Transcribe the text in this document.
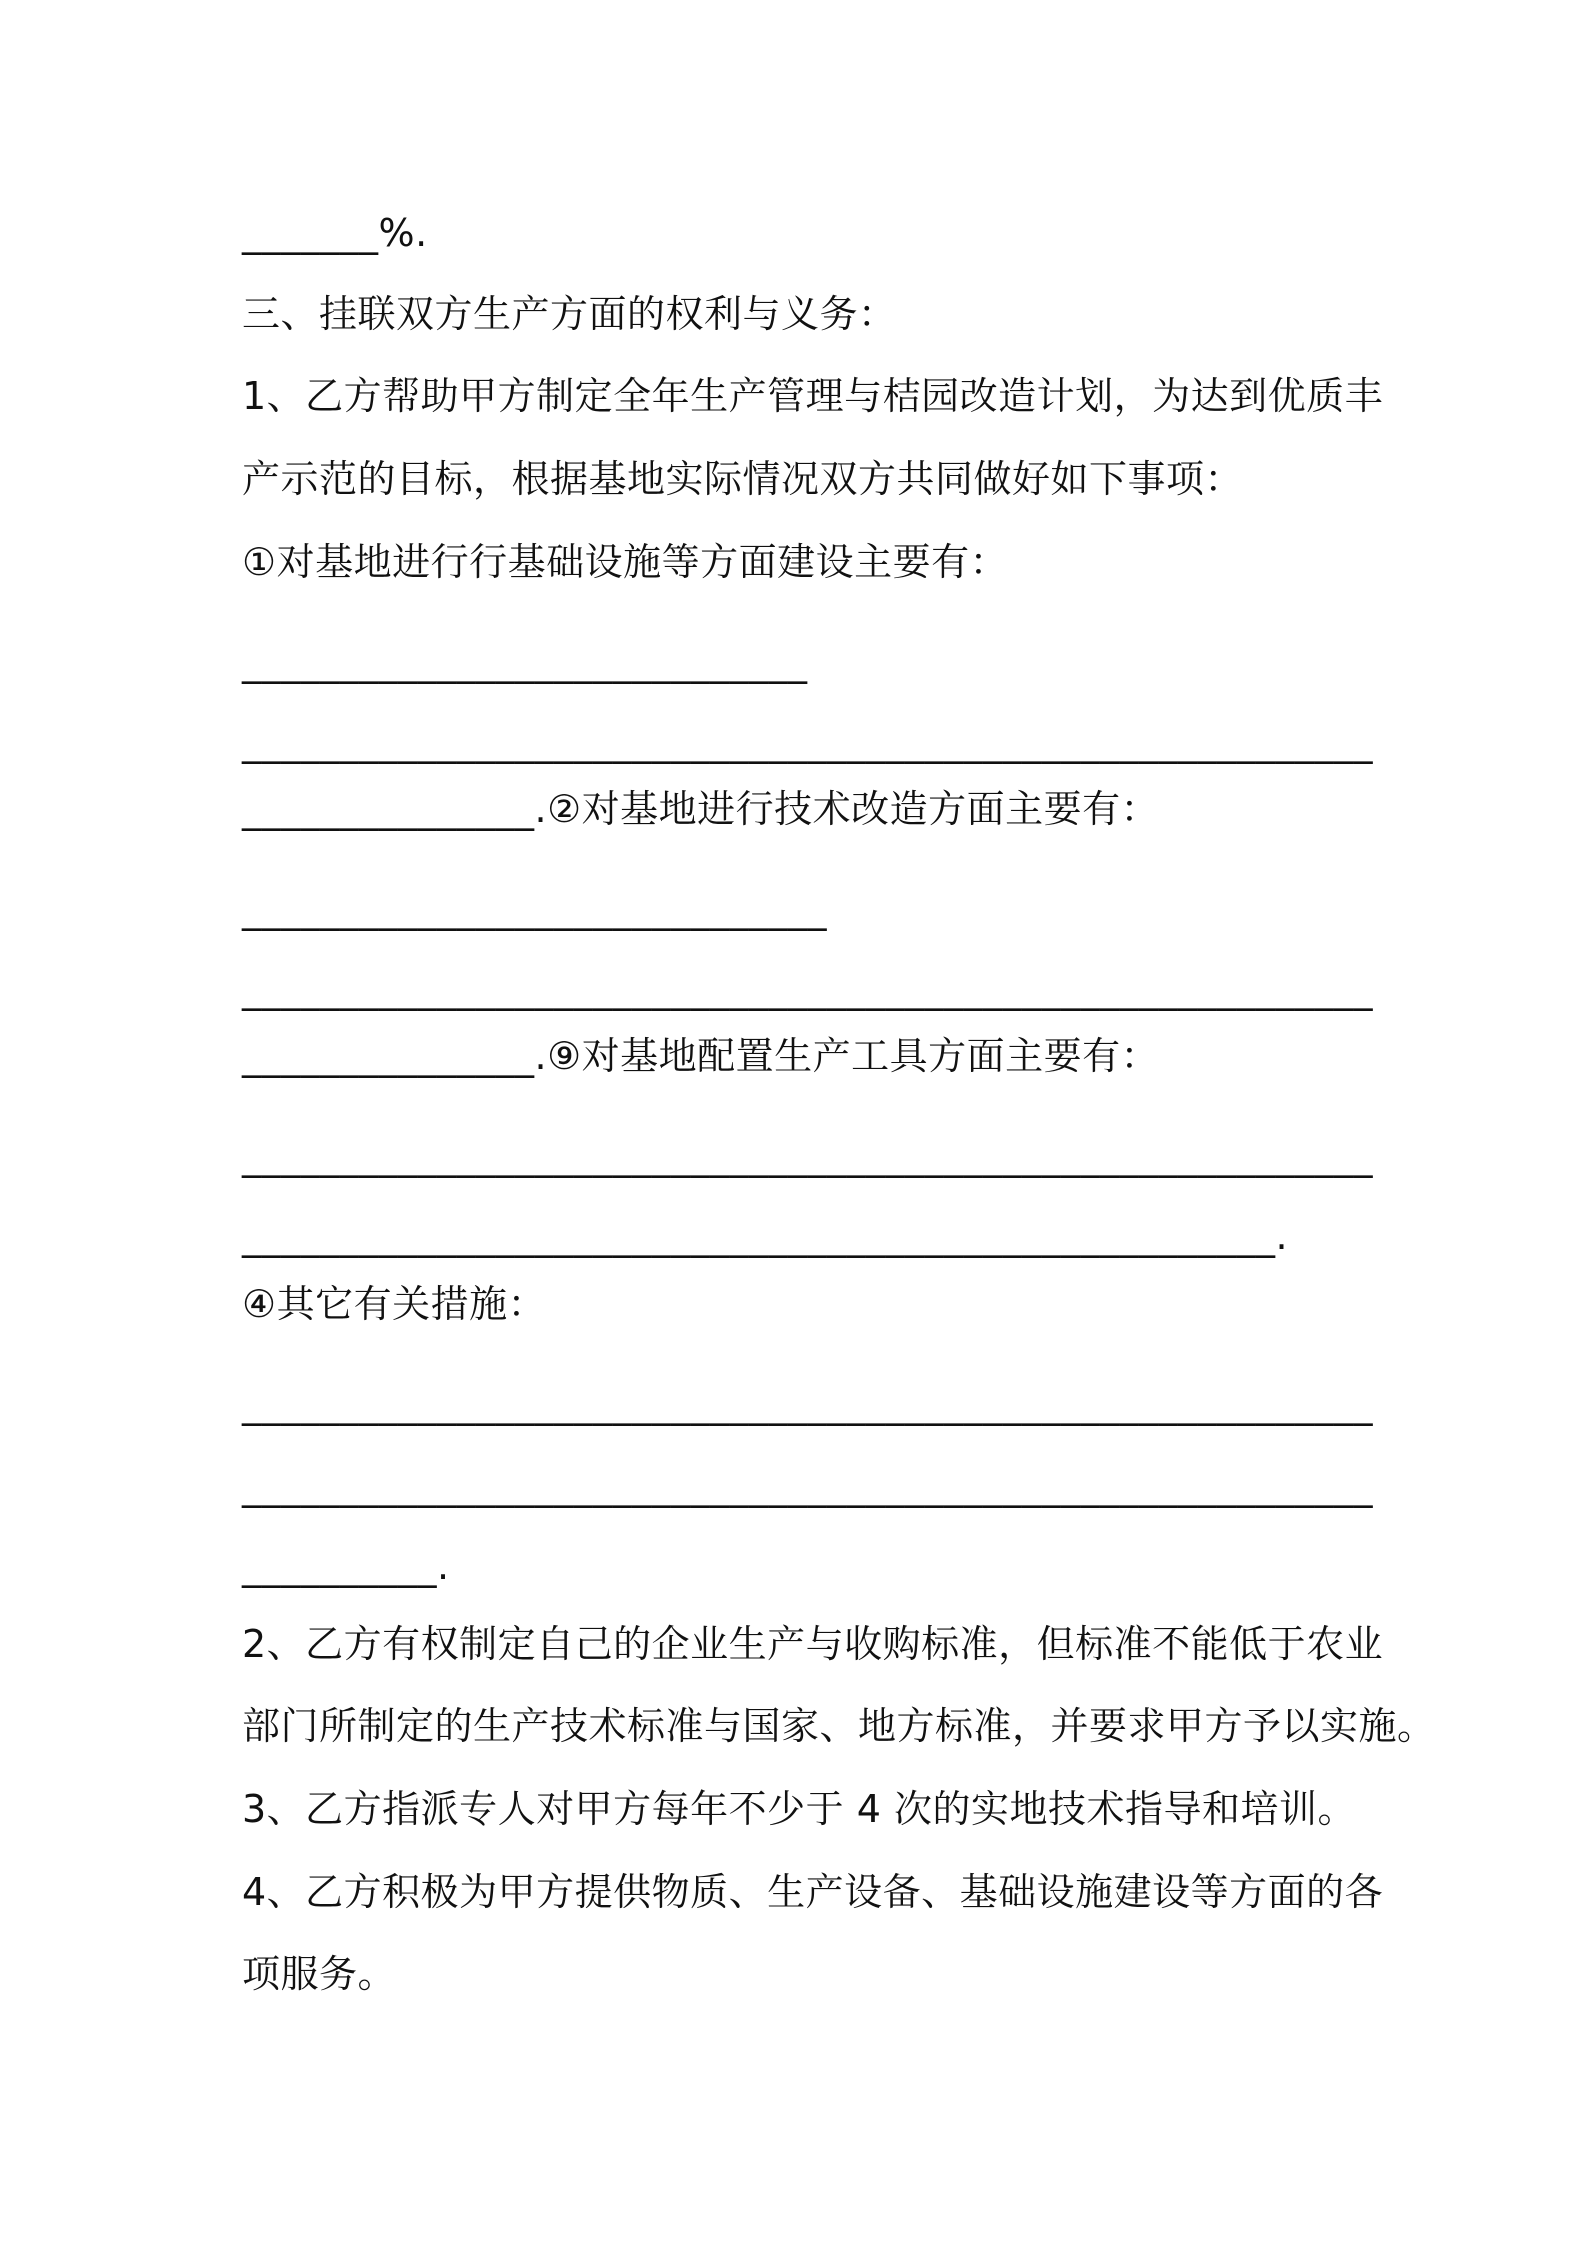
_______%.
三、挂联双方生产方面的权利与义务：
1、乙方帮助甲方制定全年生产管理与桔园改造计划，为达到优质丰
产示范的目标，根据基地实际情况双方共同做好如下事项：
①对基地进行行基础设施等方面建设主要有：
_____________________________
__________________________________________________________
_______________.②对基地进行技术改造方面主要有：
______________________________
__________________________________________________________
_______________.⑨对基地配置生产工具方面主要有：
__________________________________________________________
_____________________________________________________.
④其它有关措施：
__________________________________________________________
__________________________________________________________
__________.
2、乙方有权制定自己的企业生产与收购标准，但标准不能低于农业
部门所制定的生产技术标准与国家、地方标准，并要求甲方予以实施。
3、乙方指派专人对甲方每年不少于 4 次的实地技术指导和培训。
4、乙方积极为甲方提供物质、生产设备、基础设施建设等方面的各
项服务。
